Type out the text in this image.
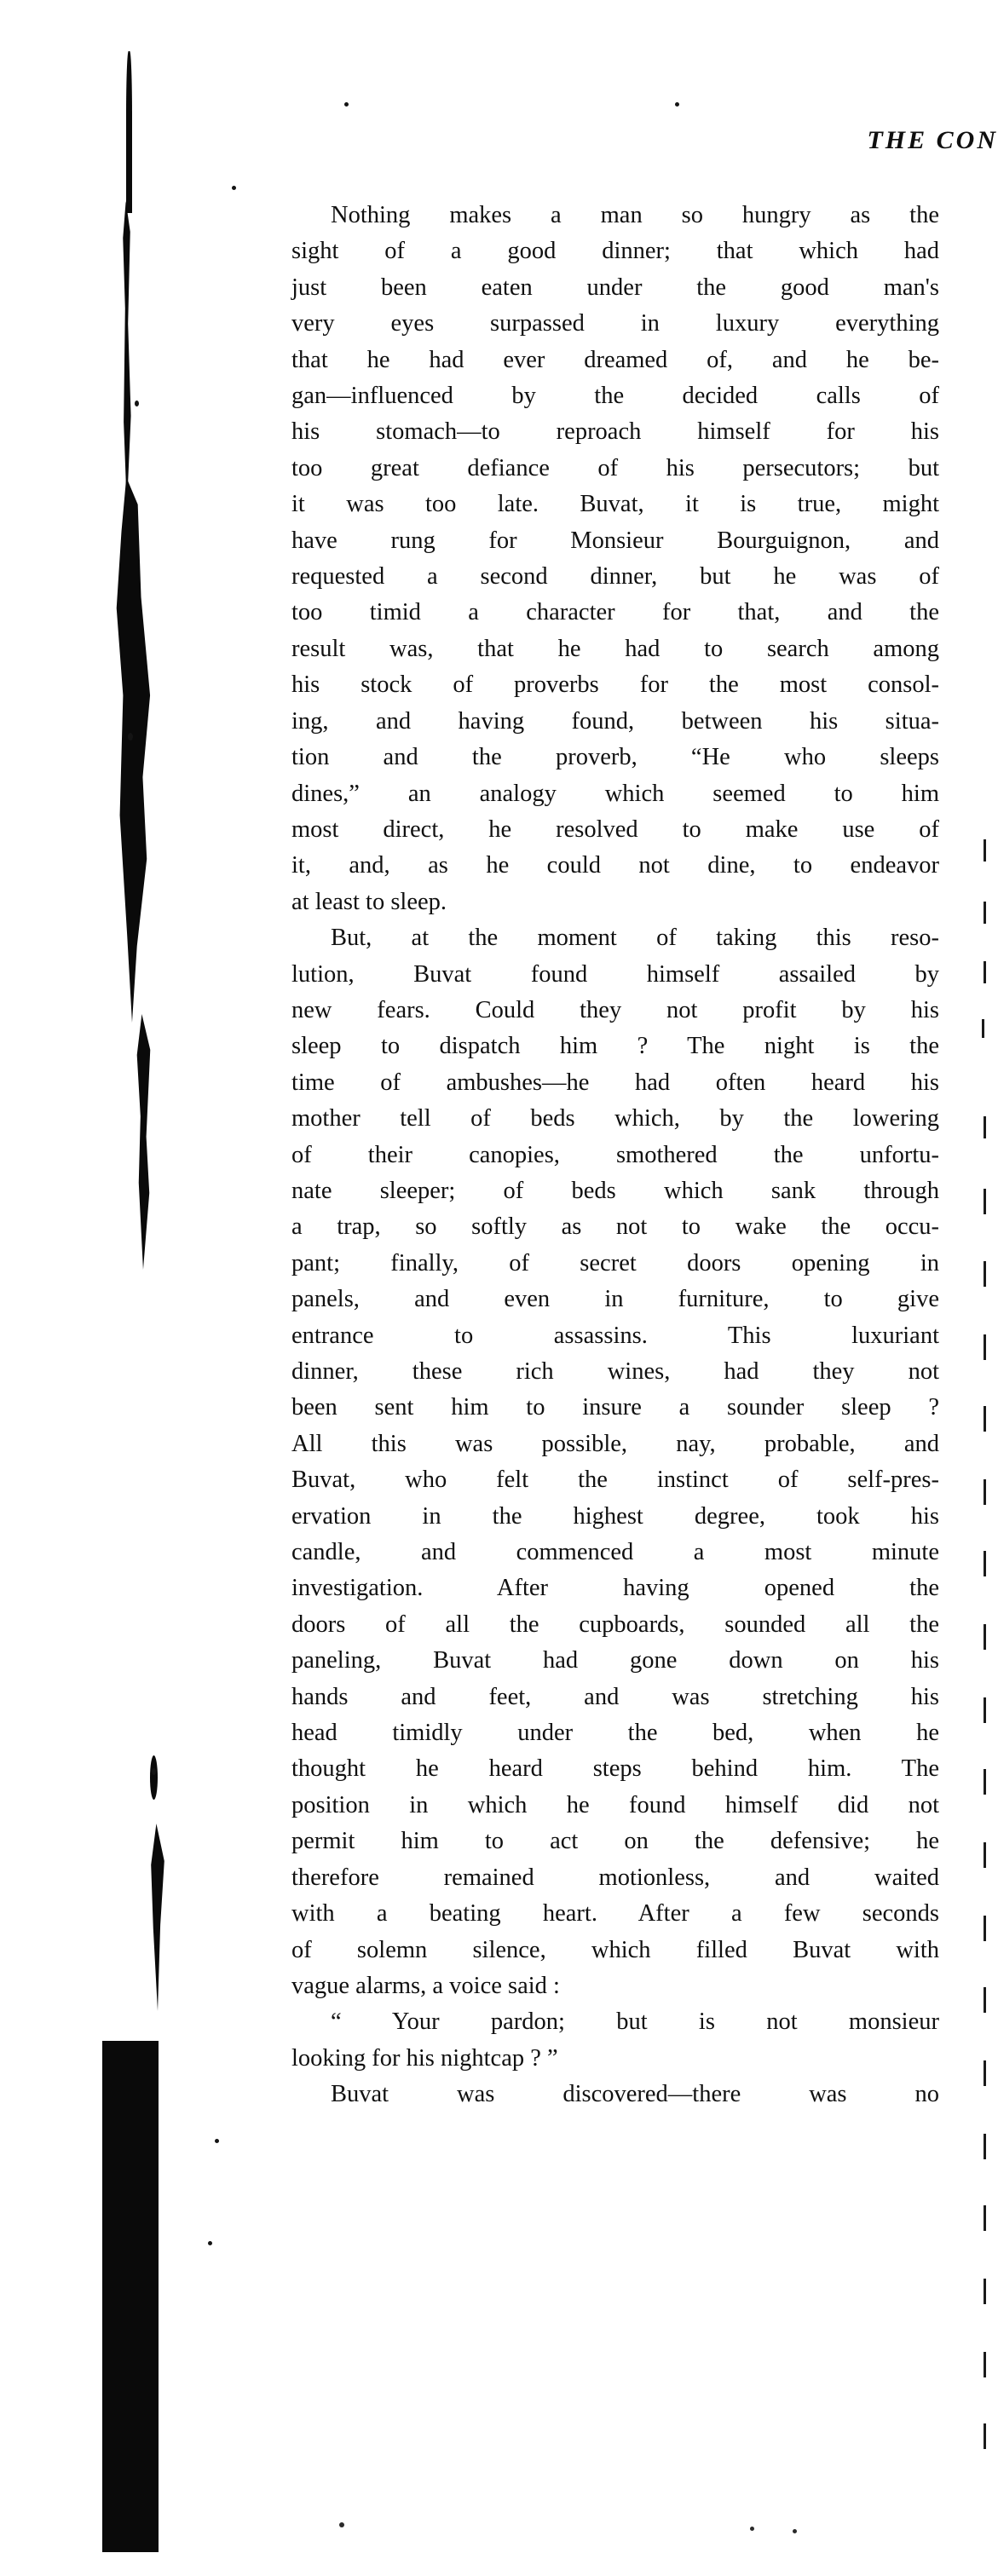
THE CON

Nothing makes a man so hungry as the
sight of a good dinner; that which had
just been eaten under the good man's
very eyes surpassed in luxury everything
that he had ever dreamed of, and he be-
gan—influenced by the decided calls of
his stomach—to reproach himself for his
too great defiance of his persecutors; but
it was too late. Buvat, it is true, might
have rung for Monsieur Bourguignon, and
requested a second dinner, but he was of
too timid a character for that, and the
result was, that he had to search among
his stock of proverbs for the most consol-
ing, and having found, between his situa-
tion and the proverb, “He who sleeps
dines,” an analogy which seemed to him
most direct, he resolved to make use of
it, and, as he could not dine, to endeavor
at least to sleep.

But, at the moment of taking this reso-
lution, Buvat found himself assailed by
new fears. Could they not profit by his
sleep to dispatch him ? The night is the
time of ambushes—he had often heard his
mother tell of beds which, by the lowering
of their canopies, smothered the unfortu-
nate sleeper; of beds which sank through
a trap, so softly as not to wake the occu-
pant; finally, of secret doors opening in
panels, and even in furniture, to give
entrance to assassins. This luxuriant
dinner, these rich wines, had they not
been sent him to insure a sounder sleep ?
All this was possible, nay, probable, and
Buvat, who felt the instinct of self-pres-
ervation in the highest degree, took his
candle, and commenced a most minute
investigation. After having opened the
doors of all the cupboards, sounded all the
paneling, Buvat had gone down on his
hands and feet, and was stretching his
head timidly under the bed, when he
thought he heard steps behind him. The
position in which he found himself did not
permit him to act on the defensive; he
therefore remained motionless, and waited
with a beating heart. After a few seconds
of solemn silence, which filled Buvat with
vague alarms, a voice said :

“ Your pardon; but is not monsieur
looking for his nightcap ? ”

Buvat was discovered—there was no
